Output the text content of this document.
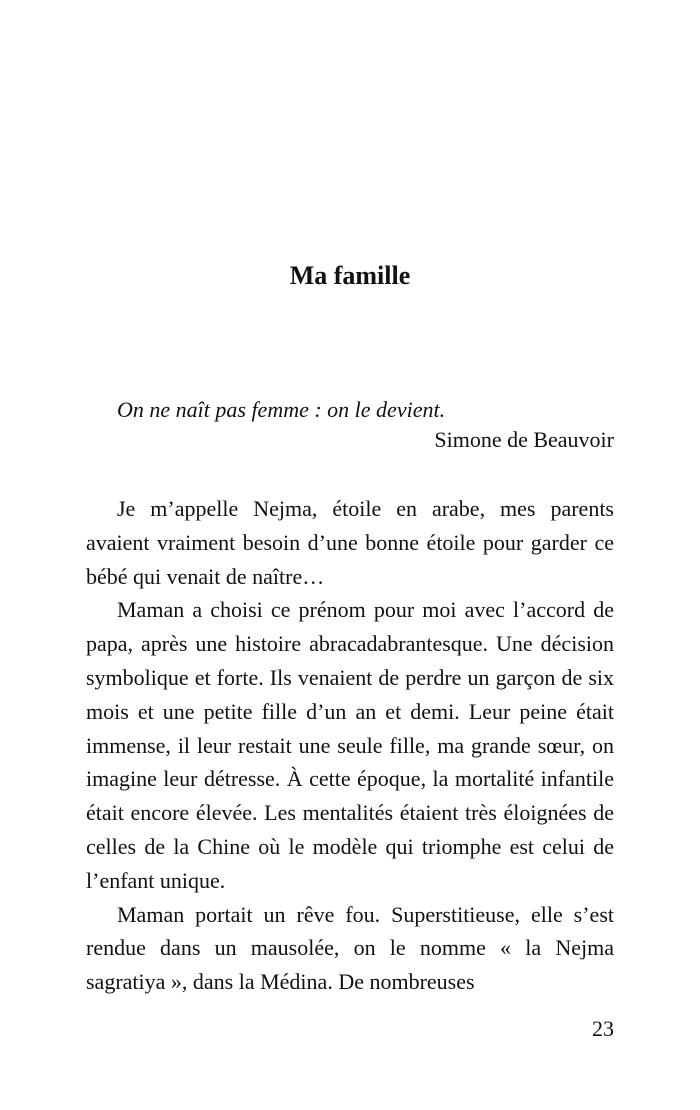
Ma famille
On ne naît pas femme : on le devient.
Simone de Beauvoir

Je m’appelle Nejma, étoile en arabe, mes parents avaient vraiment besoin d’une bonne étoile pour garder ce bébé qui venait de naître…

Maman a choisi ce prénom pour moi avec l’accord de papa, après une histoire abracadabrantesque. Une décision symbolique et forte. Ils venaient de perdre un garçon de six mois et une petite fille d’un an et demi. Leur peine était immense, il leur restait une seule fille, ma grande sœur, on imagine leur détresse. À cette époque, la mortalité infantile était encore élevée. Les mentalités étaient très éloignées de celles de la Chine où le modèle qui triomphe est celui de l’enfant unique.

Maman portait un rêve fou. Superstitieuse, elle s’est rendue dans un mausolée, on le nomme « la Nejma sagratiya », dans la Médina. De nombreuses

23
